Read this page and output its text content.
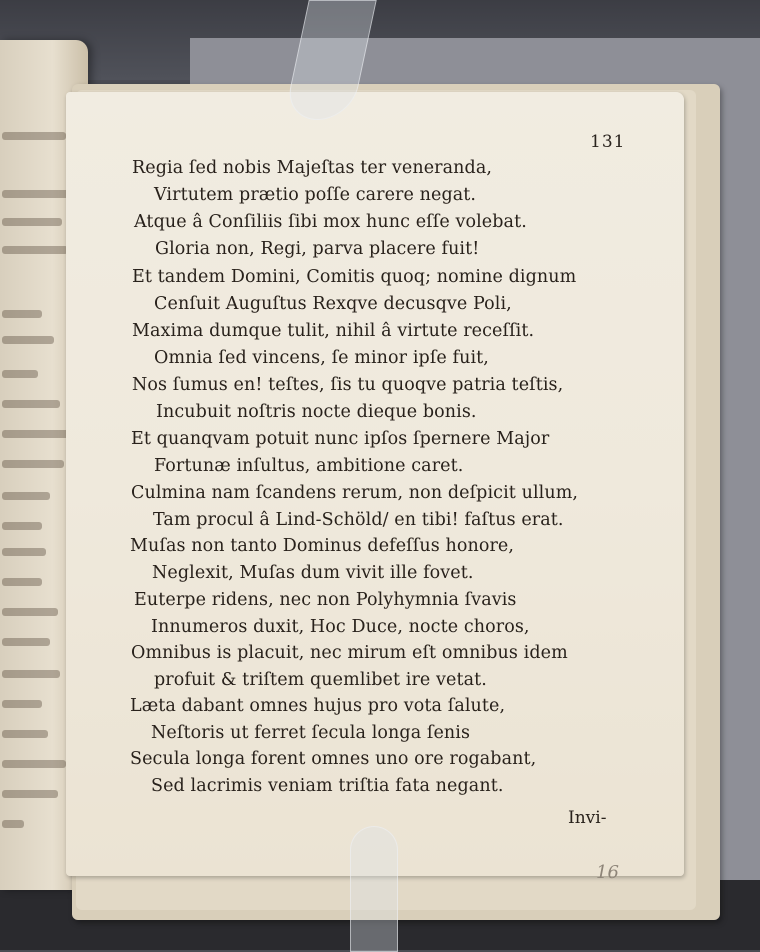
131
Regia ſed nobis Majeſtas ter veneranda,
Virtutem prætio poſſe carere negat.
Atque â Conſiliis ſibi mox hunc eſſe volebat.
Gloria non, Regi, parva placere fuit!
Et tandem Domini, Comitis quoq; nomine dignum
Cenſuit Auguſtus Rexqve decusqve Poli,
Maxima dumque tulit, nihil â virtute receſſit.
Omnia ſed vincens, ſe minor ipſe fuit,
Nos ſumus en! teſtes, ſis tu quoqve patria teſtis,
Incubuit noſtris nocte dieque bonis.
Et quanqvam potuit nunc ipſos ſpernere Major
Fortunæ inſultus, ambitione caret.
Culmina nam ſcandens rerum, non deſpicit ullum,
Tam procul â Lind-Schöld/ en tibi! faſtus erat.
Muſas non tanto Dominus defeſſus honore,
Neglexit, Muſas dum vivit ille fovet.
Euterpe ridens, nec non Polyhymnia ſvavis
Innumeros duxit, Hoc Duce, nocte choros,
Omnibus is placuit, nec mirum eſt omnibus idem
profuit & triſtem quemlibet ire vetat.
Læta dabant omnes hujus pro vota ſalute,
Neſtoris ut ferret ſecula longa ſenis
Secula longa forent omnes uno ore rogabant,
Sed lacrimis veniam triſtia fata negant.
Invi-
16
